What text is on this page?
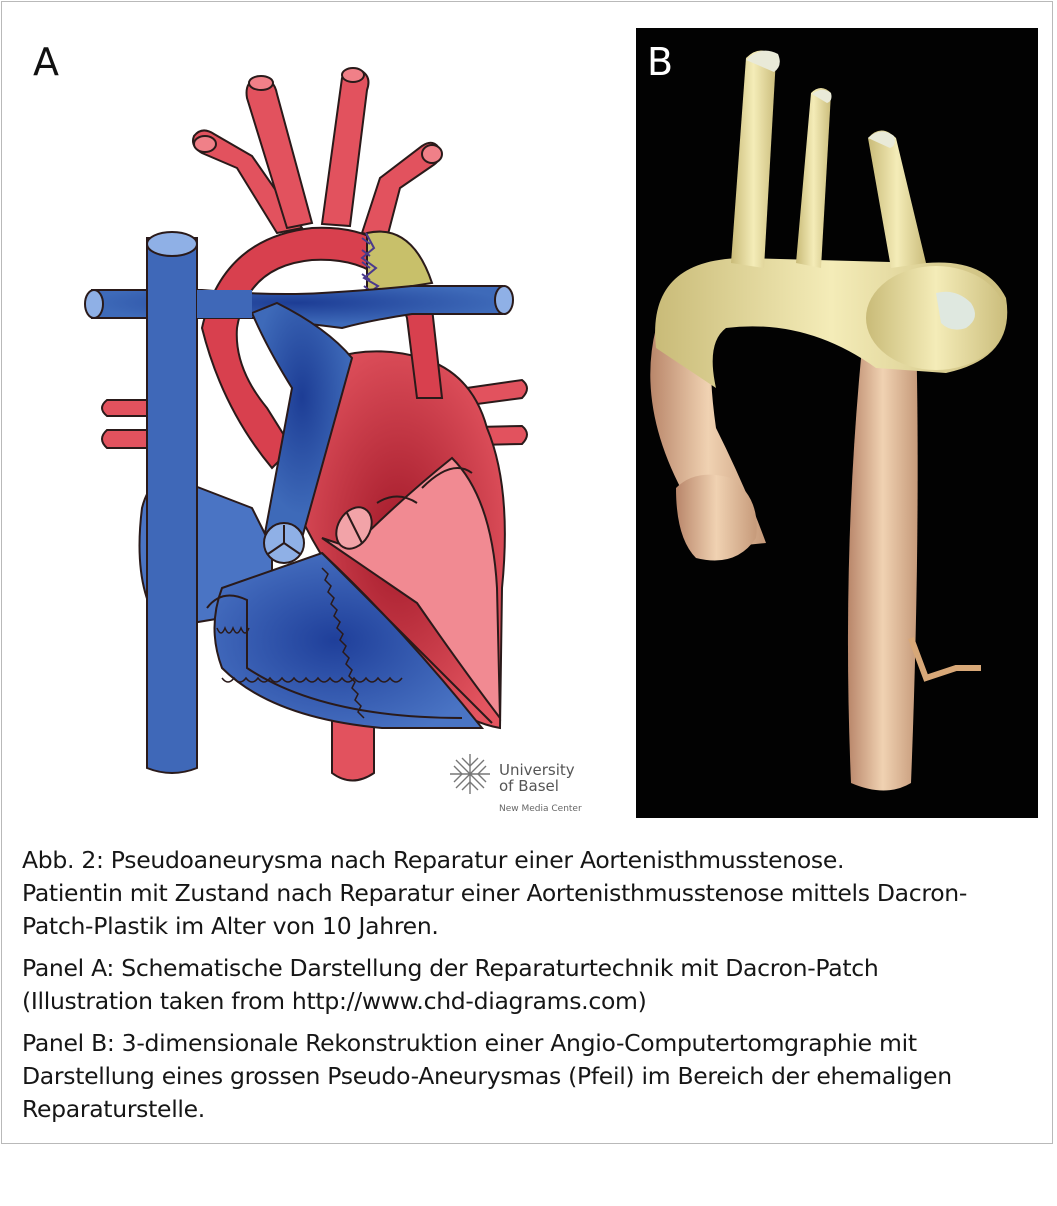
A
University
of Basel
New Media Center
B

Abb. 2: Pseudoaneurysma nach Reparatur einer Aortenisthmusstenose.
Patientin mit Zustand nach Reparatur einer Aortenisthmusstenose mittels Dacron-
Patch-Plastik im Alter von 10 Jahren.

Panel A: Schematische Darstellung der Reparaturtechnik mit Dacron-Patch
(Illustration taken from http://www.chd-diagrams.com)

Panel B: 3-dimensionale Rekonstruktion einer Angio-Computertomgraphie mit
Darstellung eines grossen Pseudo-Aneurysmas (Pfeil) im Bereich der ehemaligen
Reparaturstelle.
